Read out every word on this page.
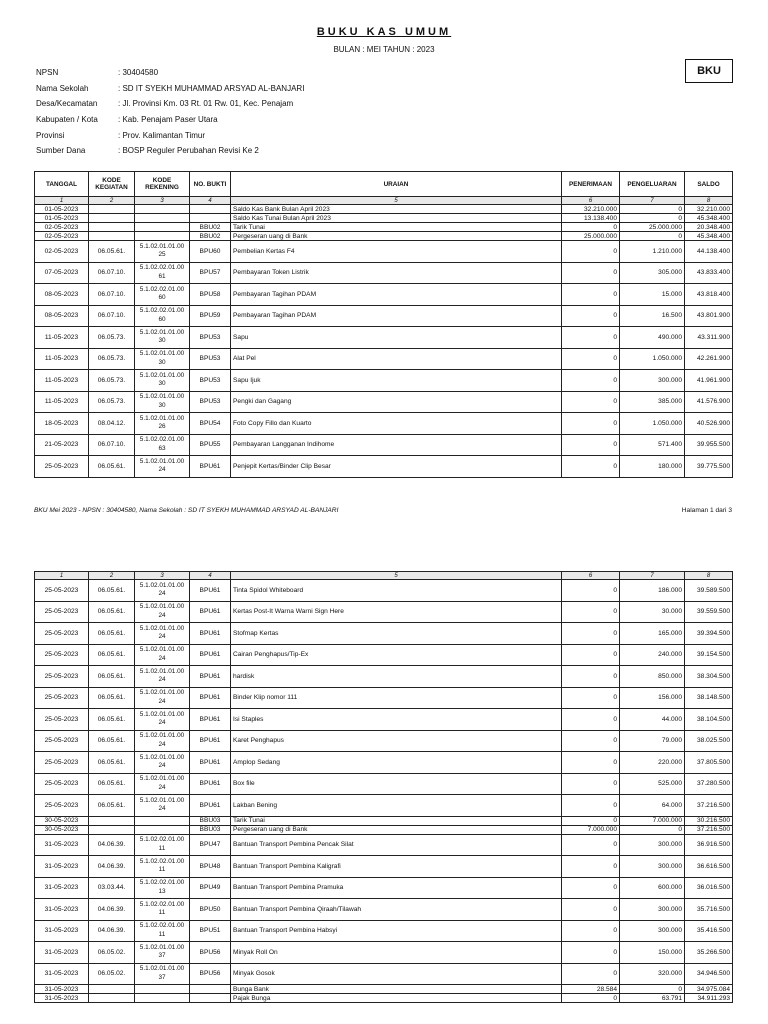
BUKU KAS UMUM
BULAN : MEI TAHUN : 2023
BKU
NPSN	: 30404580
Nama Sekolah	: SD IT SYEKH MUHAMMAD ARSYAD AL-BANJARI
Desa/Kecamatan	: Jl. Provinsi Km. 03 Rt. 01 Rw. 01, Kec. Penajam
Kabupaten / Kota	: Kab. Penajam Paser Utara
Provinsi	: Prov. Kalimantan Timur
Sumber Dana	: BOSP Reguler Perubahan Revisi Ke 2
TANGGAL	KODE KEGIATAN	KODE REKENING	NO. BUKTI	URAIAN	PENERIMAAN	PENGELUARAN	SALDO
1	2	3	4	5	6	7	8
01-05-2023				Saldo Kas Bank Bulan April 2023	32.210.000	0	32.210.000
01-05-2023				Saldo Kas Tunai Bulan April 2023	13.138.400	0	45.348.400
02-05-2023			BBU02	Tarik Tunai	0	25.000.000	20.348.400
02-05-2023			BBU02	Pergeseran uang di Bank	25.000.000	0	45.348.400
02-05-2023	06.05.61.	5.1.02.01.01.00 25	BPU60	Pembelian Kertas F4	0	1.210.000	44.138.400
07-05-2023	06.07.10.	5.1.02.02.01.00 61	BPU57	Pembayaran Token Listrik	0	305.000	43.833.400
08-05-2023	06.07.10.	5.1.02.02.01.00 60	BPU58	Pembayaran Tagihan PDAM	0	15.000	43.818.400
08-05-2023	06.07.10.	5.1.02.02.01.00 60	BPU59	Pembayaran Tagihan PDAM	0	16.500	43.801.900
11-05-2023	06.05.73.	5.1.02.01.01.00 30	BPU53	Sapu	0	490.000	43.311.900
11-05-2023	06.05.73.	5.1.02.01.01.00 30	BPU53	Alat Pel	0	1.050.000	42.261.900
11-05-2023	06.05.73.	5.1.02.01.01.00 30	BPU53	Sapu Ijuk	0	300.000	41.961.900
11-05-2023	06.05.73.	5.1.02.01.01.00 30	BPU53	Pengki dan Gagang	0	385.000	41.576.900
18-05-2023	08.04.12.	5.1.02.01.01.00 26	BPU54	Foto Copy Fillo dan Kuarto	0	1.050.000	40.526.900
21-05-2023	06.07.10.	5.1.02.02.01.00 63	BPU55	Pembayaran Langganan Indihome	0	571.400	39.955.500
25-05-2023	06.05.61.	5.1.02.01.01.00 24	BPU61	Penjepit Kertas/Binder Clip Besar	0	180.000	39.775.500
BKU Mei 2023 - NPSN : 30404580, Nama Sekolah : SD IT SYEKH MUHAMMAD ARSYAD AL-BANJARI	Halaman 1 dari 3
1	2	3	4	5	6	7	8
25-05-2023	06.05.61.	5.1.02.01.01.00 24	BPU61	Tinta Spidol Whiteboard	0	186.000	39.589.500
25-05-2023	06.05.61.	5.1.02.01.01.00 24	BPU61	Kertas Post-It Warna Warni Sign Here	0	30.000	39.559.500
25-05-2023	06.05.61.	5.1.02.01.01.00 24	BPU61	Stofmap Kertas	0	165.000	39.394.500
25-05-2023	06.05.61.	5.1.02.01.01.00 24	BPU61	Cairan Penghapus/Tip-Ex	0	240.000	39.154.500
25-05-2023	06.05.61.	5.1.02.01.01.00 24	BPU61	hardisk	0	850.000	38.304.500
25-05-2023	06.05.61.	5.1.02.01.01.00 24	BPU61	Binder Klip nomor 111	0	156.000	38.148.500
25-05-2023	06.05.61.	5.1.02.01.01.00 24	BPU61	Isi Staples	0	44.000	38.104.500
25-05-2023	06.05.61.	5.1.02.01.01.00 24	BPU61	Karet Penghapus	0	79.000	38.025.500
25-05-2023	06.05.61.	5.1.02.01.01.00 24	BPU61	Amplop Sedang	0	220.000	37.805.500
25-05-2023	06.05.61.	5.1.02.01.01.00 24	BPU61	Box file	0	525.000	37.280.500
25-05-2023	06.05.61.	5.1.02.01.01.00 24	BPU61	Lakban Bening	0	64.000	37.216.500
30-05-2023			BBU03	Tarik Tunai	0	7.000.000	30.216.500
30-05-2023			BBU03	Pergeseran uang di Bank	7.000.000	0	37.216.500
31-05-2023	04.06.39.	5.1.02.02.01.00 11	BPU47	Bantuan Transport Pembina Pencak Silat	0	300.000	36.916.500
31-05-2023	04.06.39.	5.1.02.02.01.00 11	BPU48	Bantuan Transport Pembina Kaligrafi	0	300.000	36.616.500
31-05-2023	03.03.44.	5.1.02.02.01.00 13	BPU49	Bantuan Transport Pembina Pramuka	0	600.000	36.016.500
31-05-2023	04.06.39.	5.1.02.02.01.00 11	BPU50	Bantuan Transport Pembina Qiraah/Tilawah	0	300.000	35.716.500
31-05-2023	04.06.39.	5.1.02.02.01.00 11	BPU51	Bantuan Transport Pembina Habsyi	0	300.000	35.416.500
31-05-2023	06.05.02.	5.1.02.01.01.00 37	BPU56	Minyak Roll On	0	150.000	35.266.500
31-05-2023	06.05.02.	5.1.02.01.01.00 37	BPU56	Minyak Gosok	0	320.000	34.946.500
31-05-2023				Bunga Bank	28.584	0	34.975.084
31-05-2023				Pajak Bunga	0	63.791	34.911.293
